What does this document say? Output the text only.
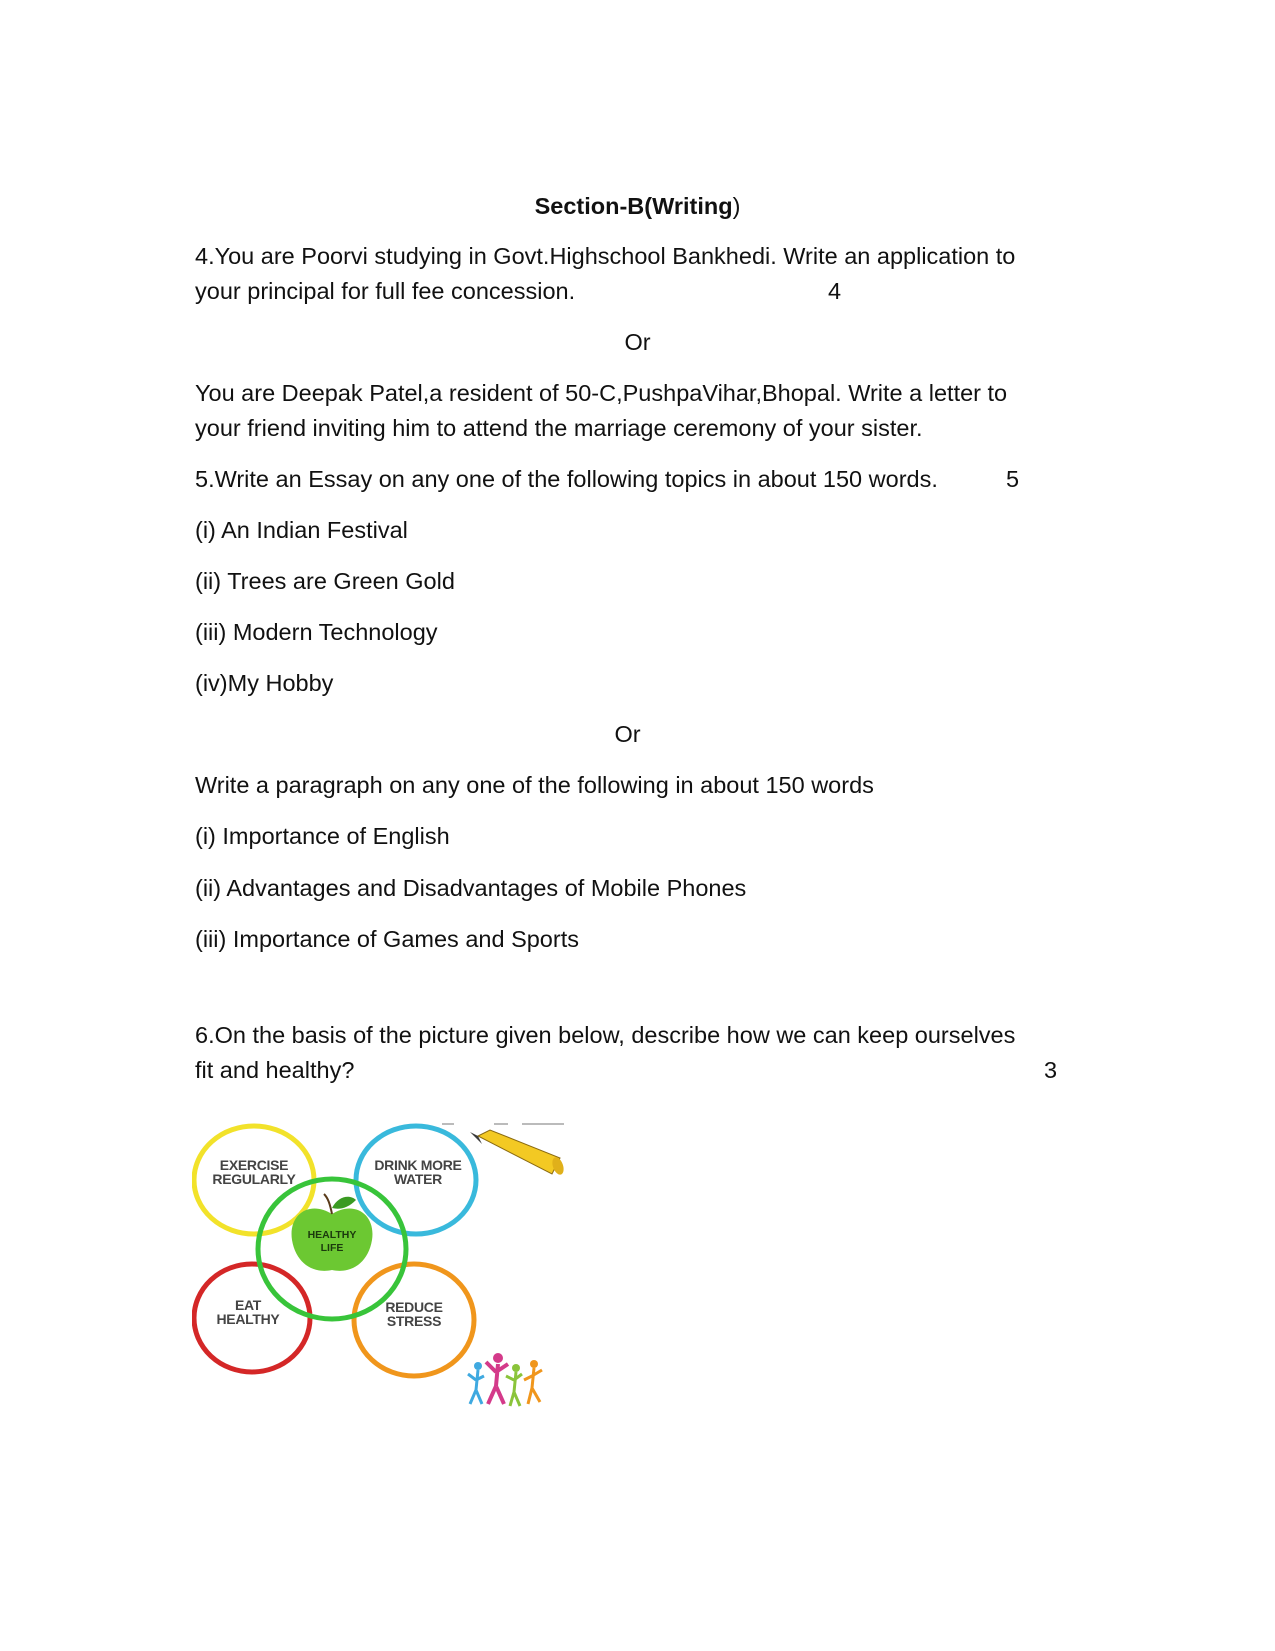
Section-B(Writing)
4.You are Poorvi studying in Govt.Highschool Bankhedi. Write an application to
your principal for full fee concession.	4
Or
You are Deepak Patel,a resident of 50-C,PushpaVihar,Bhopal. Write a letter to
your friend inviting him to attend the marriage ceremony of your sister.
5.Write an Essay on any one of the following topics in about 150 words.	5
(i) An Indian Festival
(ii) Trees are Green Gold
(iii) Modern Technology
(iv)My Hobby
Or
Write a paragraph on any one of the following in about 150 words
(i) Importance of English
(ii) Advantages and Disadvantages of Mobile Phones
(iii) Importance of Games and Sports
6.On the basis of the picture given below, describe how we can keep ourselves
fit and healthy?	3
HEALTHY
LIFE
EXERCISE
REGULARLY
DRINK MORE
WATER
EAT
HEALTHY
REDUCE
STRESS
